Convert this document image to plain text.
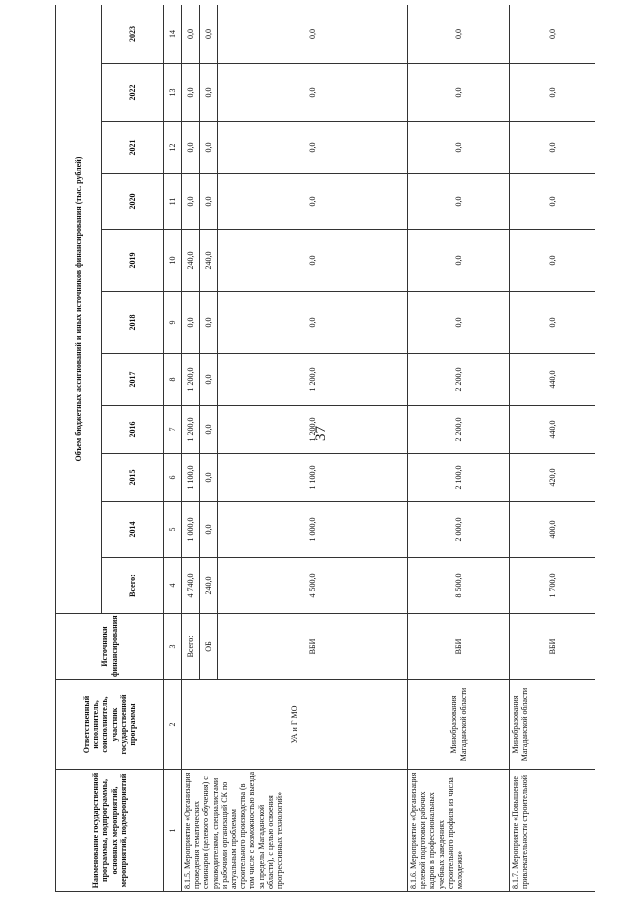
37
Наименование государственной программы, подпрограммы, основных мероприятий, мероприятий, подмероприятий	Ответственный исполнитель, соисполнитель, участник государственной программы	Источники финансирования	Объем бюджетных ассигнований и иных источников финансирования (тыс. рублей)										
			Всего:	2014	2015	2016	2017	2018	2019	2020	2021	2022	2023
1	2	3	4	5	6	7	8	9	10	11	12	13	14
8.1.5. Мероприятие «Организация проведения тематических семинаров (целевого обучения) с руководителями, специалистами и рабочими организаций СК по актуальным проблемам строительного производства (в том числе с возможностью выезда за пределы Магаданской области), с целью освоения прогрессивных технологий»	УА и Г МО	Всего:	4 740,0	1 000,0	1 100,0	1 200,0	1 200,0	0,0	240,0	0,0	0,0	0,0	0,0
		ОБ	240,0	0,0	0,0	0,0	0,0	0,0	240,0	0,0	0,0	0,0	0,0
		ВБИ	4 500,0	1 000,0	1 100,0	1 200,0	1 200,0	0,0	0,0	0,0	0,0	0,0	0,0
8.1.6. Мероприятие «Организация целевой подготовки рабочих кадров в профессиональных учебных заведениях строительного профиля из числа молодежи»	Минобразования Магаданской области	ВБИ	8 500,0	2 000,0	2 100,0	2 200,0	2 200,0	0,0	0,0	0,0	0,0	0,0	0,0
8.1.7. Мероприятие «Повышение привлекательности строительной	Минобразования Магаданской области	ВБИ	1 700,0	400,0	420,0	440,0	440,0	0,0	0,0	0,0	0,0	0,0	0,0
